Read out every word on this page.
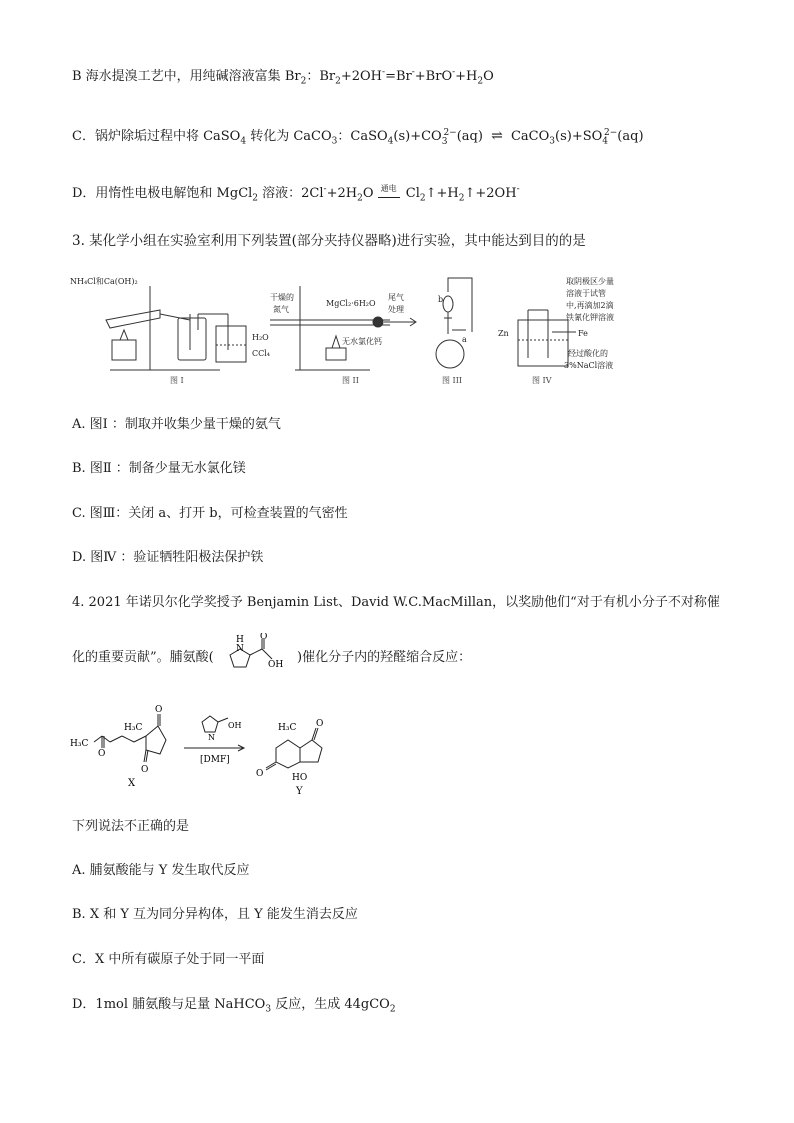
B 海水提溴工艺中，用纯碱溶液富集 $Br_2$：$Br_2+2OH^-=Br^-+BrO^-+H_2O$
C．锅炉除垢过程中将 CaSO$_4$ 转化为 CaCO$_3$：$CaSO_4(s)+CO_3^{2-}(aq)$ ⇌ $CaCO_3(s)+SO_4^{2-}(aq)$
D．用惰性电极电解饱和 MgCl$_2$ 溶液：$2Cl^-+2H_2O$ 通电 $Cl_2↑+H_2↑+2OH^-$
3. 某化学小组在实验室利用下列装置(部分夹持仪器略)进行实验，其中能达到目的的是
NH₄Cl和Ca(OH)₂
H₂O
CCl₄
图 I
干燥的
氮气
MgCl₂·6H₂O
尾气
处理
无水氯化钙
图 II
b
a
图 III
Zn
取阴极区少量
溶液于试管
中,再滴加2滴
铁氰化钾溶液
Fe
经过酸化的
3%NaCl溶液
图 IV
A. 图Ⅰ ：制取并收集少量干燥的氨气
B. 图Ⅱ ：制备少量无水氯化镁
C. 图Ⅲ：关闭 a、打开 b，可检查装置的气密性
D. 图Ⅳ ：验证牺牲阳极法保护铁
4. 2021 年诺贝尔化学奖授予 Benjamin List、David W.C.MacMillan，以奖励他们“对于有机小分子不对称催
化的重要贡献”。脯氨酸(
N
H O
OH )催化分子内的羟醛缩合反应：
H₃C
H₃C
O
O
O
X
N
OH
[DMF]
H₃C O
O	HO
Y
下列说法不正确的是
A. 脯氨酸能与 Y 发生取代反应
B. X 和 Y 互为同分异构体，且 Y 能发生消去反应
C．X 中所有碳原子处于同一平面
D．1mol 脯氨酸与足量 NaHCO$_3$ 反应，生成 44gCO$_2$
